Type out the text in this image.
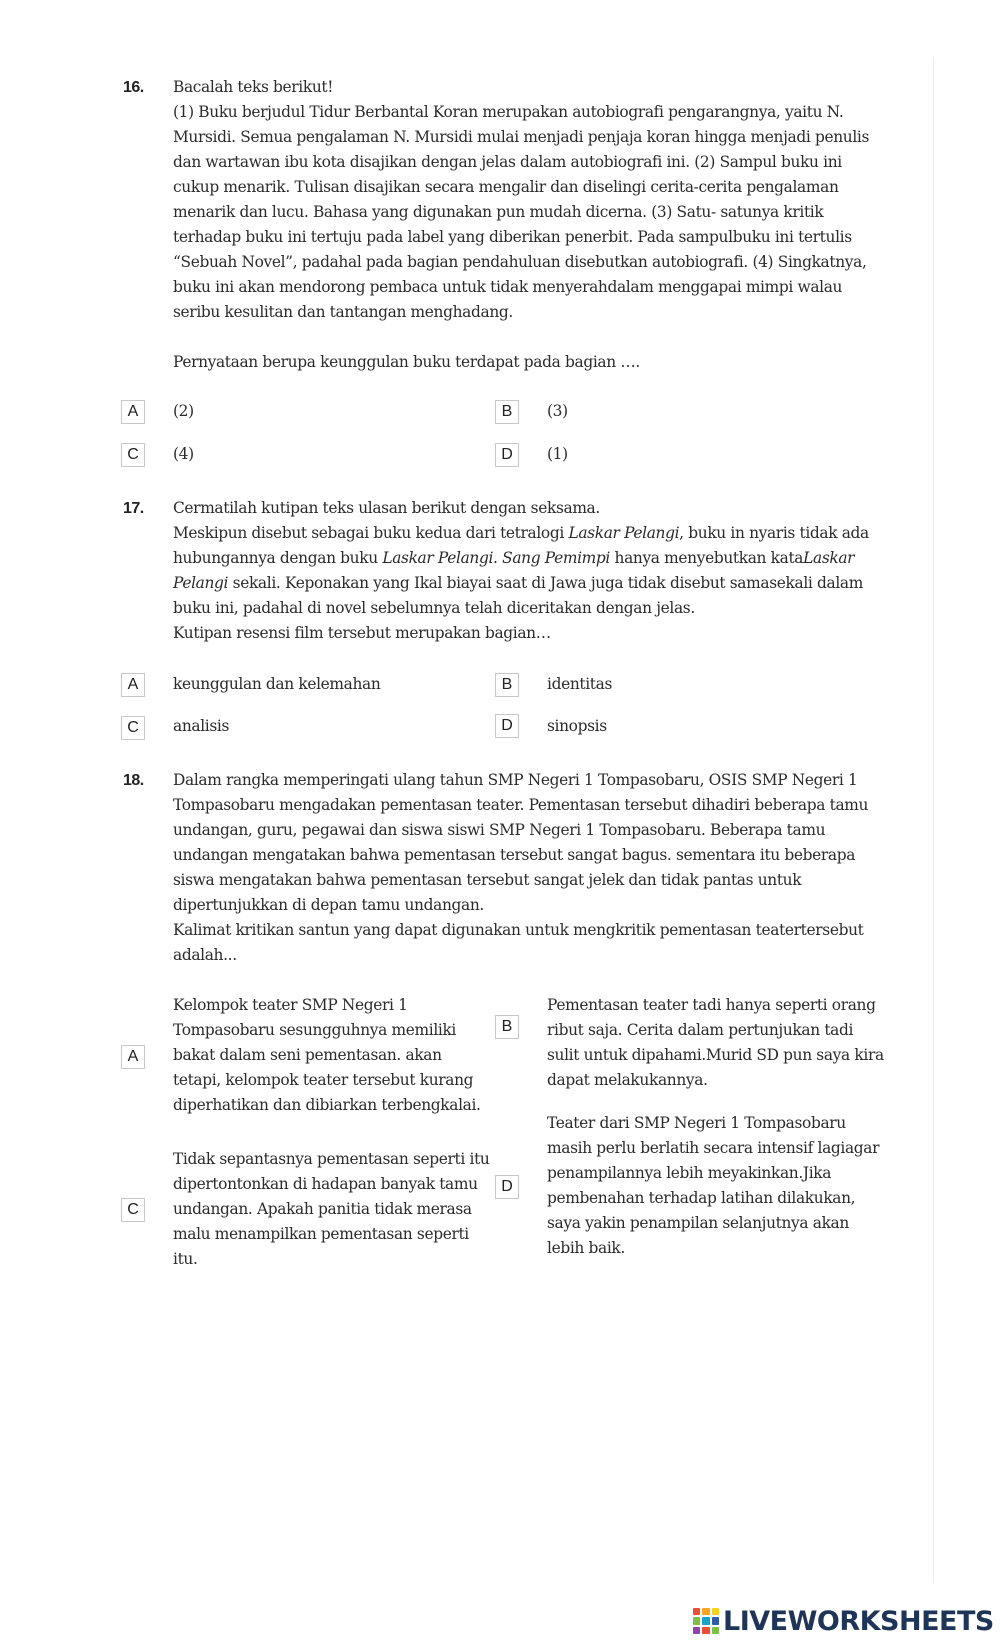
16.	Bacalah teks berikut!

(1) Buku berjudul Tidur Berbantal Koran merupakan autobiografi pengarangnya, yaitu N. Mursidi. Semua pengalaman N. Mursidi mulai menjadi penjaja koran hingga menjadi penulis dan wartawan ibu kota disajikan dengan jelas dalam autobiografi ini. (2) Sampul buku ini cukup menarik. Tulisan disajikan secara mengalir dan diselingi cerita-cerita pengalaman menarik dan lucu. Bahasa yang digunakan pun mudah dicerna. (3) Satu- satunya kritik terhadap buku ini tertuju pada label yang diberikan penerbit. Pada sampulbuku ini tertulis “Sebuah Novel”, padahal pada bagian pendahuluan disebutkan autobiografi. (4) Singkatnya, buku ini akan mendorong pembaca untuk tidak menyerahdalam menggapai mimpi walau seribu kesulitan dan tantangan menghadang.

Pernyataan berupa keunggulan buku terdapat pada bagian ….

A	(2)	B	(3)
C	(4)	D	(1)
17.	Cermatilah kutipan teks ulasan berikut dengan seksama.

Meskipun disebut sebagai buku kedua dari tetralogi Laskar Pelangi, buku in nyaris tidak ada hubungannya dengan buku Laskar Pelangi. Sang Pemimpi hanya menyebutkan kataLaskar Pelangi sekali. Keponakan yang Ikal biayai saat di Jawa juga tidak disebut samasekali dalam buku ini, padahal di novel sebelumnya telah diceritakan dengan jelas.

Kutipan resensi film tersebut merupakan bagian…

A	keunggulan dan kelemahan	B	identitas
C	analisis	D	sinopsis
18.	Dalam rangka memperingati ulang tahun SMP Negeri 1 Tompasobaru, OSIS SMP Negeri 1 Tompasobaru mengadakan pementasan teater. Pementasan tersebut dihadiri beberapa tamu undangan, guru, pegawai dan siswa siswi SMP Negeri 1 Tompasobaru. Beberapa tamu undangan mengatakan bahwa pementasan tersebut sangat bagus. sementara itu beberapa siswa mengatakan bahwa pementasan tersebut sangat jelek dan tidak pantas untuk dipertunjukkan di depan tamu undangan.

Kalimat kritikan santun yang dapat digunakan untuk mengkritik pementasan teatertersebut adalah...

A
Kelompok teater SMP Negeri 1 Tompasobaru sesungguhnya memiliki bakat dalam seni pementasan. akan tetapi, kelompok teater tersebut kurang diperhatikan dan dibiarkan terbengkalai.
B
Pementasan teater tadi hanya seperti orang ribut saja. Cerita dalam pertunjukan tadi sulit untuk dipahami.Murid SD pun saya kira dapat melakukannya.
C
Tidak sepantasnya pementasan seperti itu dipertontonkan di hadapan banyak tamu undangan. Apakah panitia tidak merasa malu menampilkan pementasan seperti itu.
D
Teater dari SMP Negeri 1 Tompasobaru masih perlu berlatih secara intensif lagiagar penampilannya lebih meyakinkan.Jika pembenahan terhadap latihan dilakukan, saya yakin penampilan selanjutnya akan lebih baik.
LIVEWORKSHEETS
